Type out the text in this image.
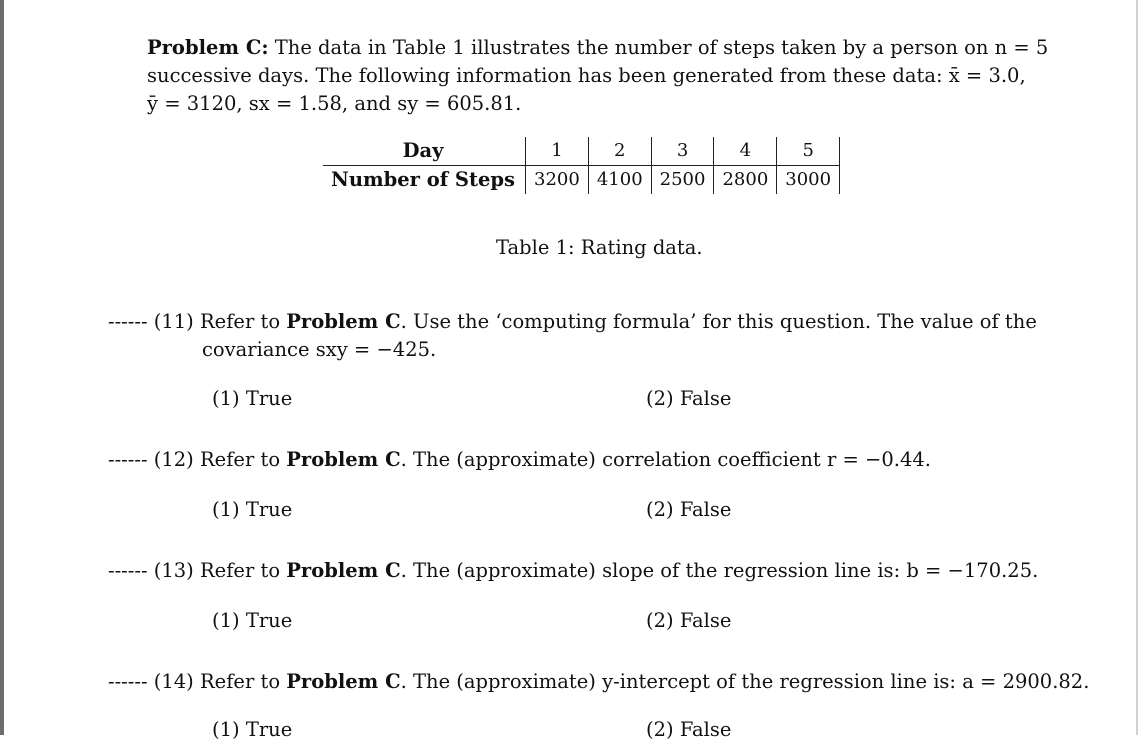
Problem C: The data in Table 1 illustrates the number of steps taken by a person on n = 5
successive days. The following information has been generated from these data: x̄ = 3.0,
ȳ = 3120, sx = 1.58, and sy = 605.81.
Day	1	2	3	4	5
Number of Steps	3200	4100	2500	2800	3000
Table 1: Rating data.
------ (11) Refer to Problem C. Use the ‘computing formula’ for this question. The value of the
covariance sxy = −425.
(1) True	(2) False
------ (12) Refer to Problem C. The (approximate) correlation coefficient r = −0.44.
(1) True	(2) False
------ (13) Refer to Problem C. The (approximate) slope of the regression line is: b = −170.25.
(1) True	(2) False
------ (14) Refer to Problem C. The (approximate) y-intercept of the regression line is: a = 2900.82.
(1) True	(2) False
